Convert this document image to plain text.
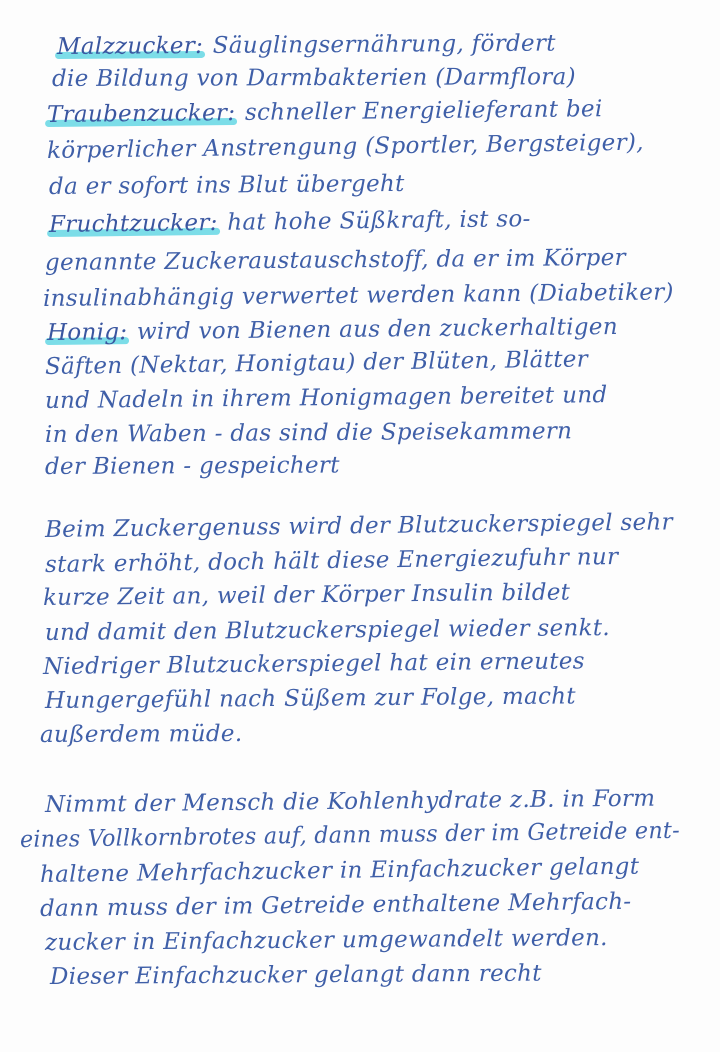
Malzzucker: Säuglingsernährung, fördert
die Bildung von Darmbakterien (Darmflora)
Traubenzucker: schneller Energielieferant bei
körperlicher Anstrengung (Sportler, Bergsteiger),
da er sofort ins Blut übergeht
Fruchtzucker: hat hohe Süßkraft, ist so-
genannte Zuckeraustauschstoff, da er im Körper
insulinabhängig verwertet werden kann (Diabetiker)
Honig: wird von Bienen aus den zuckerhaltigen
Säften (Nektar, Honigtau) der Blüten, Blätter
und Nadeln in ihrem Honigmagen bereitet und
in den Waben - das sind die Speisekammern
der Bienen - gespeichert
Beim Zuckergenuss wird der Blutzuckerspiegel sehr
stark erhöht, doch hält diese Energiezufuhr nur
kurze Zeit an, weil der Körper Insulin bildet
und damit den Blutzuckerspiegel wieder senkt.
Niedriger Blutzuckerspiegel hat ein erneutes
Hungergefühl nach Süßem zur Folge, macht
außerdem müde.
Nimmt der Mensch die Kohlenhydrate z.B. in Form
eines Vollkornbrotes auf, dann muss der im Getreide ent-
haltene Mehrfachzucker in Einfachzucker gelangt
dann muss der im Getreide enthaltene Mehrfach-
zucker in Einfachzucker umgewandelt werden.
Dieser Einfachzucker gelangt dann recht
